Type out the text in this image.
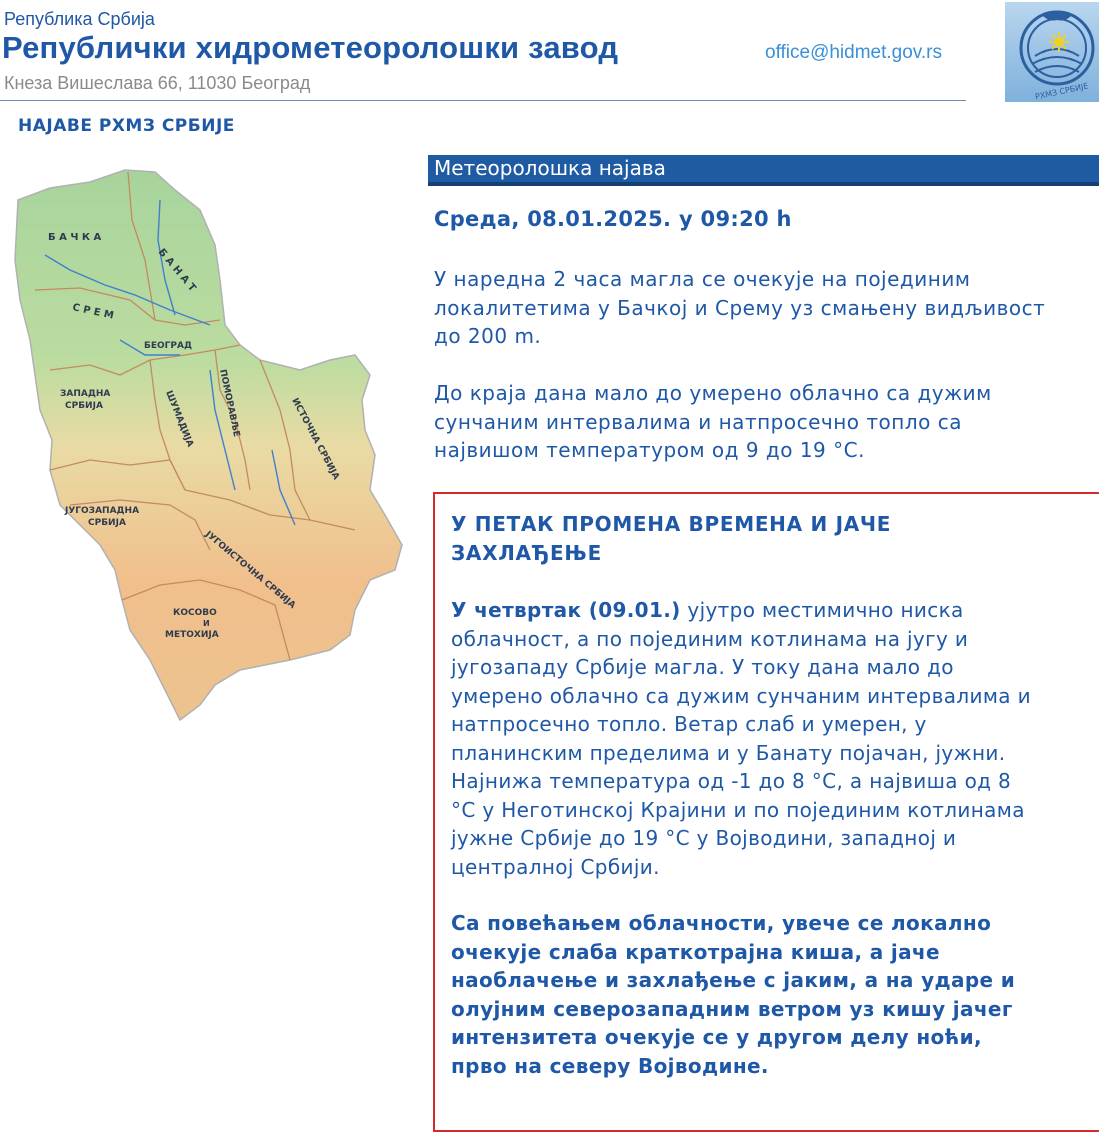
Република Србија
Републички хидрометеоролошки завод
Кнеза Вишеслава 66, 11030 Београд
office@hidmet.gov.rs
РХМЗ СРБИЈЕ
НАЈАВЕ РХМЗ СРБИЈЕ
Б А Ч К А
Б А Н А Т
С Р Е М
БЕОГРАД
ЗАПАДНА
СРБИЈА	ШУМАДИЈА ПОМОРАВЉЕ	ИСТОЧНА СРБИЈА
ЈУГОЗАПАДНА
СРБИЈА
ЈУГОИСТОЧНА СРБИЈА
КОСОВО
И
МЕТОХИЈА
Метеоролошка најава
Среда, 08.01.2025. у 09:20 h
У наредна 2 часа магла се очекује на појединим
локалитетима у Бачкој и Срему уз смањену видљивост
до 200 m.
До краја дана мало до умерено облачно са дужим
сунчаним интервалима и натпросечно топло са
највишом температуром од 9 до 19 °C.
У ПЕТАК ПРОМЕНА ВРЕМЕНА И ЈАЧЕ
ЗАХЛАЂЕЊЕ
У четвртак (09.01.) ујутро местимично ниска
облачност, а по појединим котлинама на југу и
југозападу Србије магла. У току дана мало до
умерено облачно са дужим сунчаним интервалима и
натпросечно топло. Ветар слаб и умерен, у
планинским пределима и у Банату појачан, јужни.
Најнижа температура од -1 до 8 °C, а највиша од 8
°C у Неготинској Крајини и по појединим котлинама
јужне Србије до 19 °C у Војводини, западној и
централној Србији.
Са повећањем облачности, увече се локално
очекује слаба краткотрајна киша, а јаче
наоблачење и захлађење с јаким, а на ударе и
олујним северозападним ветром уз кишу јачег
интензитета очекује се у другом делу ноћи,
прво на северу Војводине.
